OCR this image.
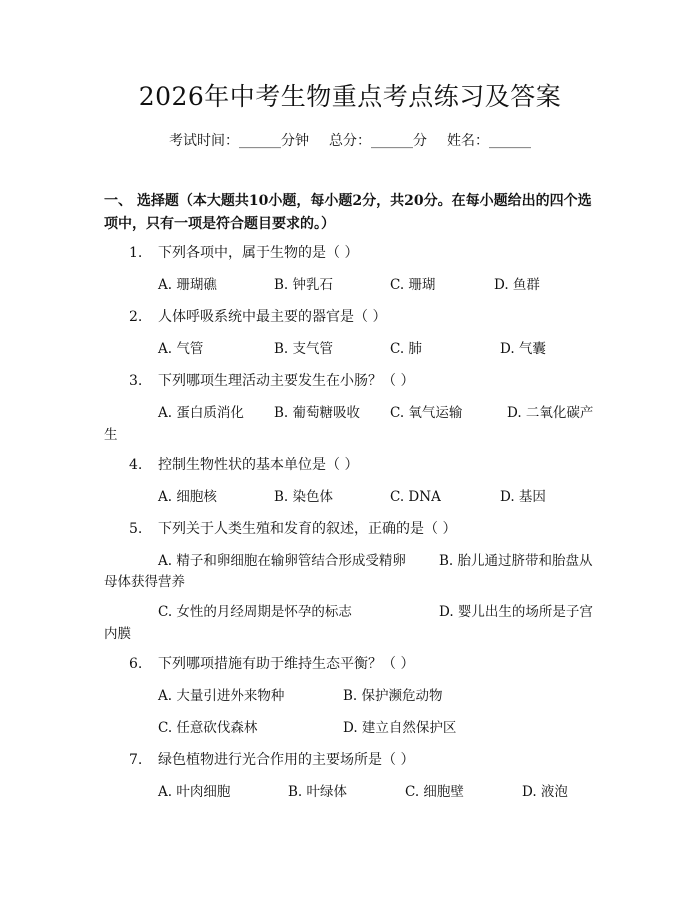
2026年中考生物重点考点练习及答案
考试时间：______分钟 总分：______分 姓名：______
一、 选择题（本大题共10小题，每小题2分，共20分。在每小题给出的四个选项中，只有一项是符合题目要求的。）
1. 下列各项中，属于生物的是（ ）
A. 珊瑚礁	B. 钟乳石	C. 珊瑚	D. 鱼群
2. 人体呼吸系统中最主要的器官是（ ）
A. 气管	B. 支气管	C. 肺	D. 气囊
3. 下列哪项生理活动主要发生在小肠？（ ）
A. 蛋白质消化 B. 葡萄糖吸收 C. 氧气运输	D. 二氧化碳产
生
4. 控制生物性状的基本单位是（ ）
A. 细胞核	B. 染色体	C. DNA	D. 基因
5. 下列关于人类生殖和发育的叙述，正确的是（ ）
A. 精子和卵细胞在输卵管结合形成受精卵 B. 胎儿通过脐带和胎盘从
母体获得营养
C. 女性的月经周期是怀孕的标志	D. 婴儿出生的场所是子宫
内膜
6. 下列哪项措施有助于维持生态平衡？（ ）
A. 大量引进外来物种	B. 保护濒危动物
C. 任意砍伐森林	D. 建立自然保护区
7. 绿色植物进行光合作用的主要场所是（ ）
A. 叶肉细胞	B. 叶绿体	C. 细胞壁	D. 液泡
